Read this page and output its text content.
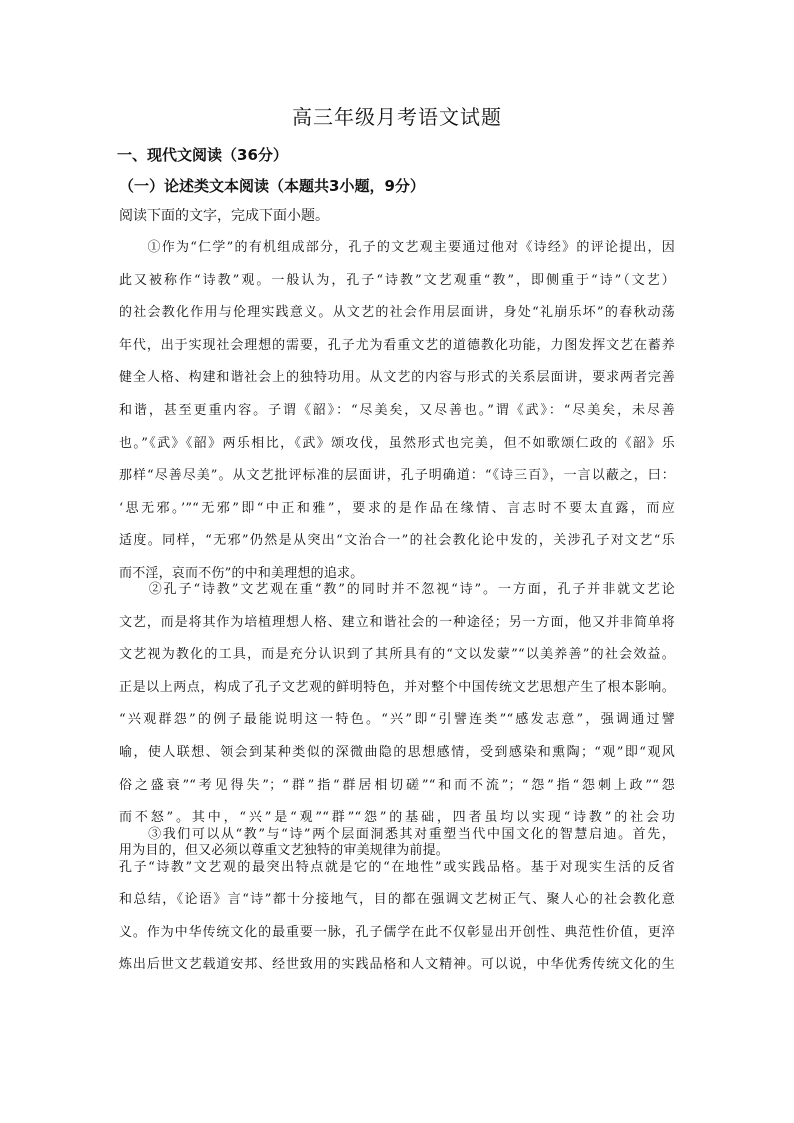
高三年级月考语文试题
一、现代文阅读（36分）
（一）论述类文本阅读（本题共3小题，9分）
阅读下面的文字，完成下面小题。
　　①作为“仁学”的有机组成部分，孔子的文艺观主要通过他对《诗经》的评论提出，因
此又被称作“诗教”观。一般认为，孔子“诗教”文艺观重“教”，即侧重于“诗”（文艺）
的社会教化作用与伦理实践意义。从文艺的社会作用层面讲，身处“礼崩乐坏”的春秋动荡
年代，出于实现社会理想的需要，孔子尤为看重文艺的道德教化功能，力图发挥文艺在蓄养
健全人格、构建和谐社会上的独特功用。从文艺的内容与形式的关系层面讲，要求两者完善
和谐，甚至更重内容。子谓《韶》：“尽美矣，又尽善也。”谓《武》：“尽美矣，未尽善
也。”《武》《韶》两乐相比，《武》颂攻伐，虽然形式也完美，但不如歌颂仁政的《韶》乐
那样“尽善尽美”。从文艺批评标准的层面讲，孔子明确道：“《诗三百》，一言以蔽之，曰：
‘思无邪。’”“无邪”即“中正和雅”，要求的是作品在缘情、言志时不要太直露，而应
适度。同样，“无邪”仍然是从突出“文治合一”的社会教化论中发的，关涉孔子对文艺“乐
而不淫，哀而不伤”的中和美理想的追求。
　　②孔子“诗教”文艺观在重“教”的同时并不忽视“诗”。一方面，孔子并非就文艺论
文艺，而是将其作为培植理想人格、建立和谐社会的一种途径；另一方面，他又并非简单将
文艺视为教化的工具，而是充分认识到了其所具有的“文以发蒙”“以美养善”的社会效益。
正是以上两点，构成了孔子文艺观的鲜明特色，并对整个中国传统文艺思想产生了根本影响。
“兴观群怨”的例子最能说明这一特色。“兴”即“引譬连类”“感发志意”，强调通过譬
喻，使人联想、领会到某种类似的深微曲隐的思想感情，受到感染和熏陶；“观”即“观风
俗之盛衰”“考见得失”；“群”指“群居相切磋”“和而不流”；“怨”指“怨刺上政”“怨
而不怒”。其中，“兴”是“观”“群”“怨”的基础，四者虽均以实现“诗教”的社会功
用为目的，但又必须以尊重文艺独特的审美规律为前提。
　　③我们可以从“教”与“诗”两个层面洞悉其对重塑当代中国文化的智慧启迪。首先，
孔子“诗教”文艺观的最突出特点就是它的“在地性”或实践品格。基于对现实生活的反省
和总结，《论语》言“诗”都十分接地气，目的都在强调文艺树正气、聚人心的社会教化意
义。作为中华传统文化的最重要一脉，孔子儒学在此不仅彰显出开创性、典范性价值，更淬
炼出后世文艺载道安邦、经世致用的实践品格和人文精神。可以说，中华优秀传统文化的生
